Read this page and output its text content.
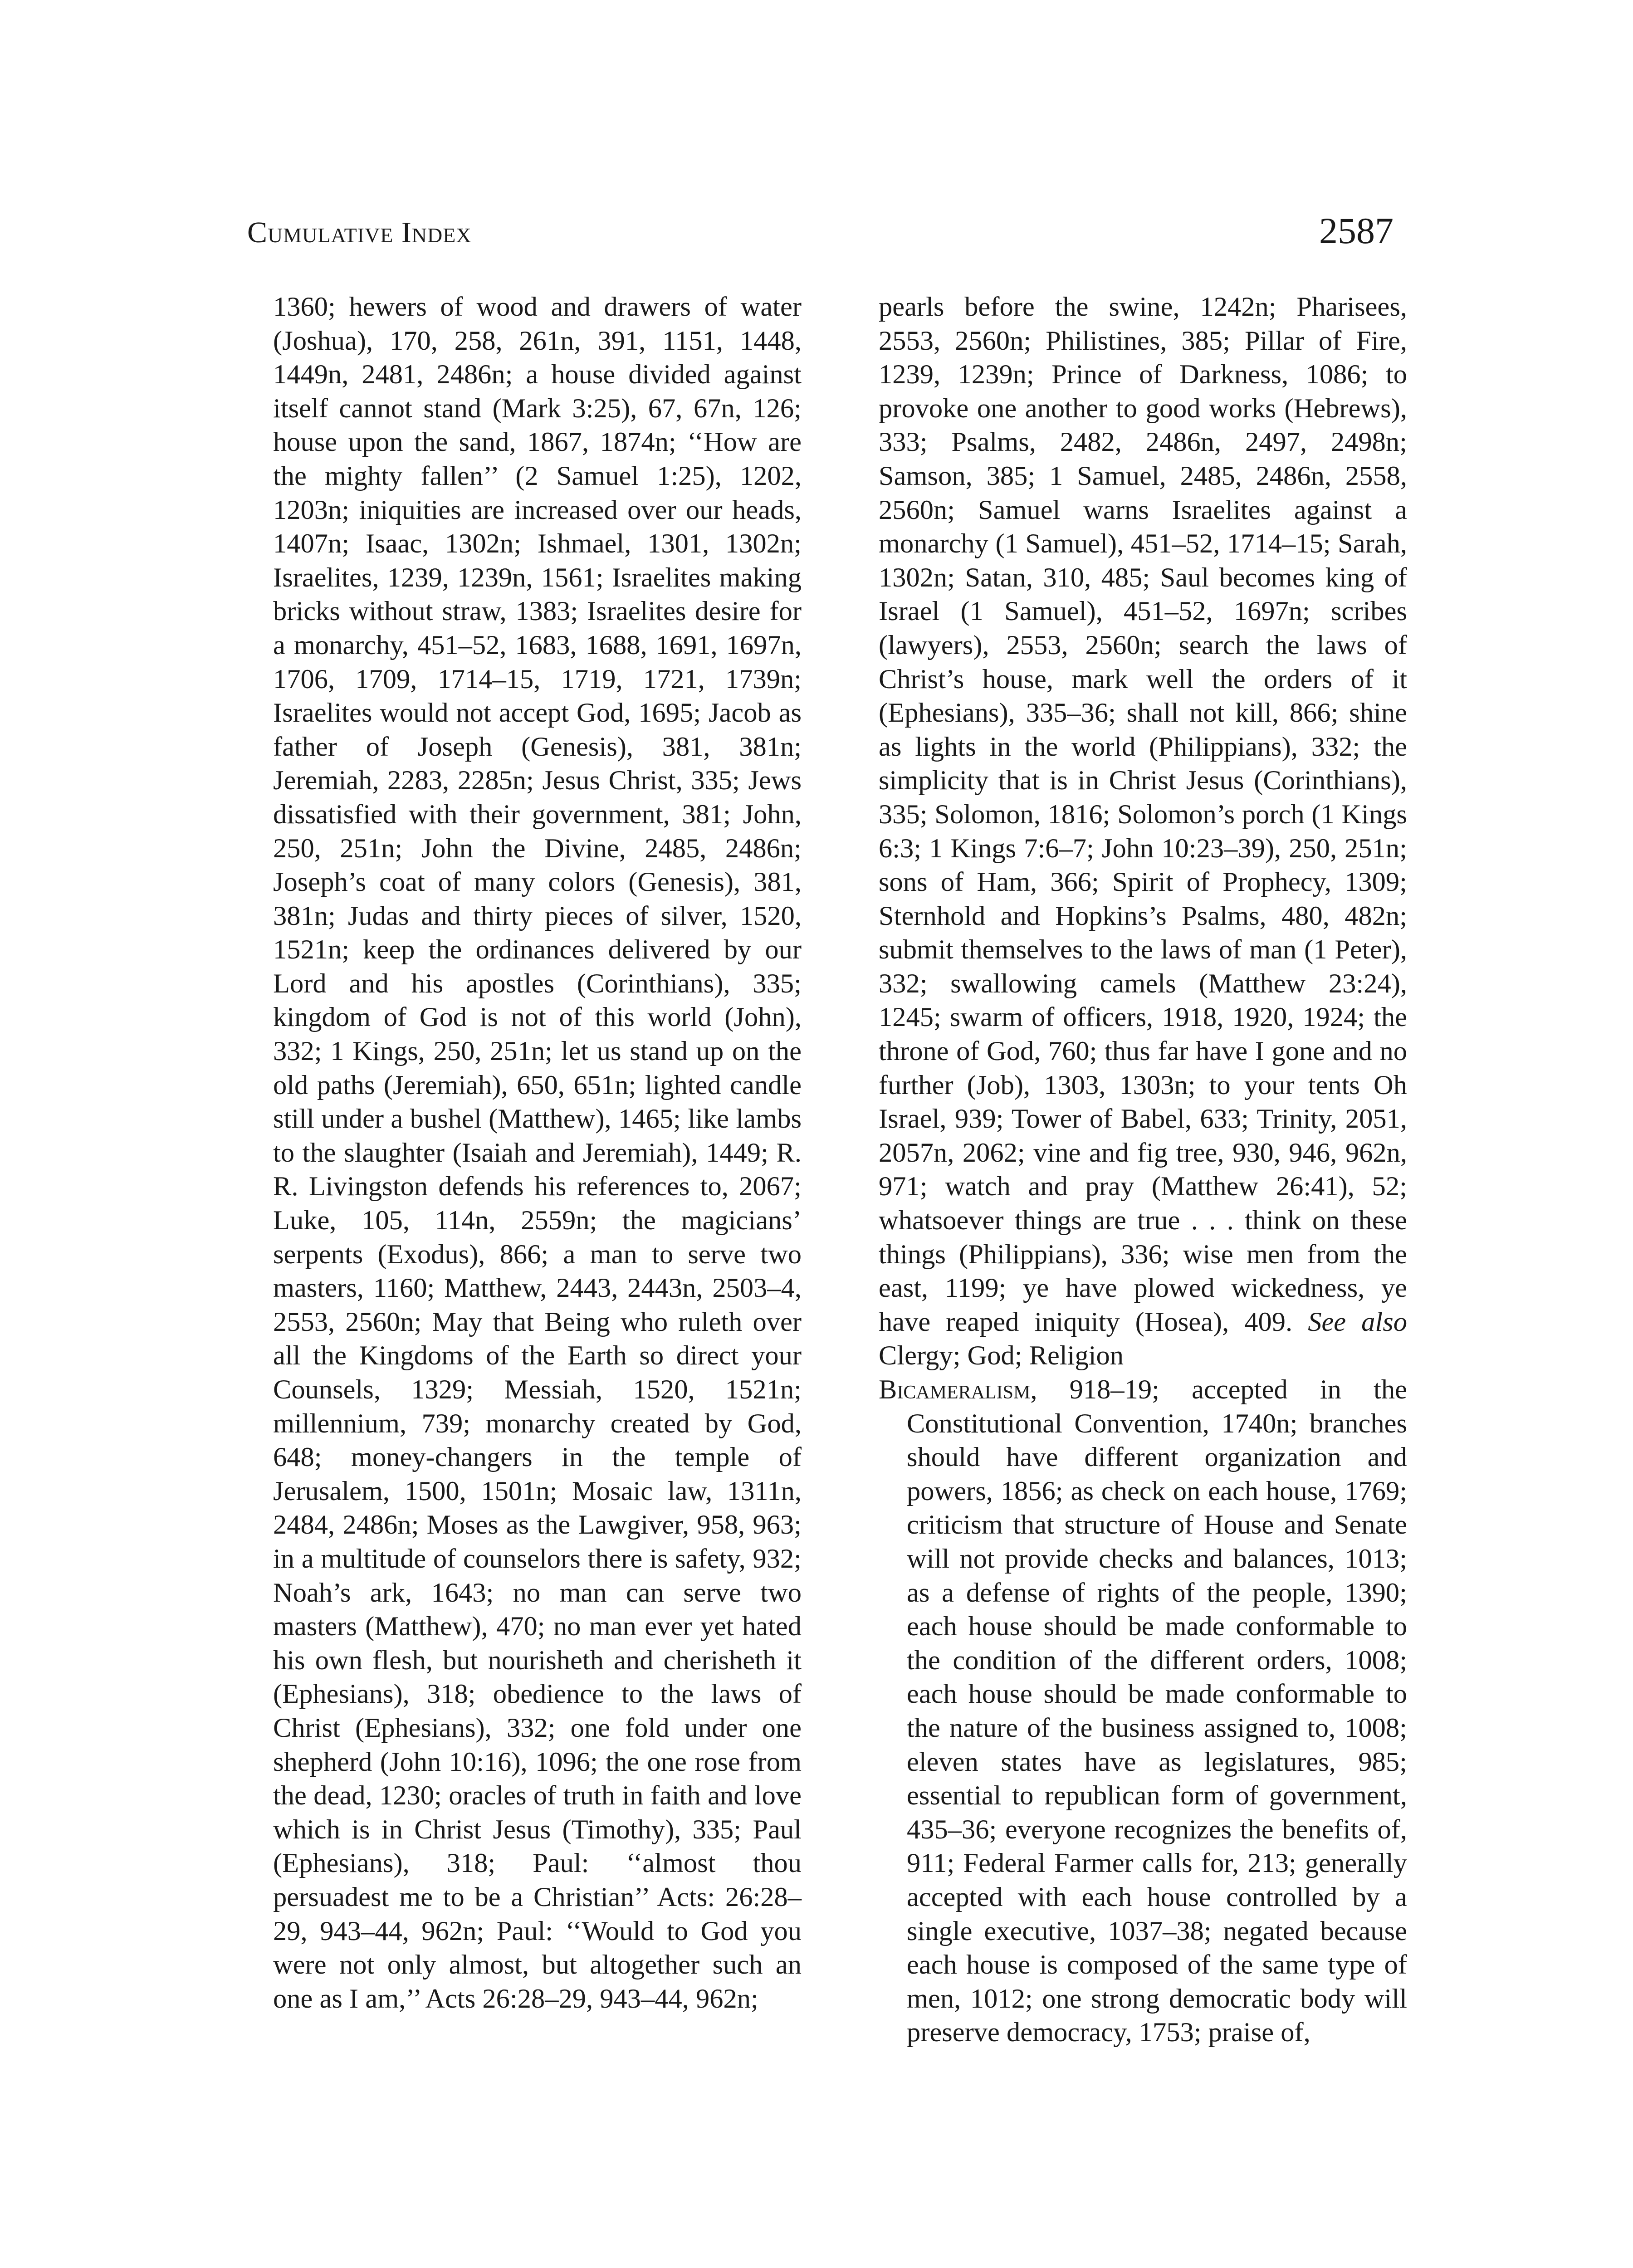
Cumulative Index	2587

1360; hewers of wood and drawers of water (Joshua), 170, 258, 261n, 391, 1151, 1448, 1449n, 2481, 2486n; a house divided against itself cannot stand (Mark 3:25), 67, 67n, 126; house upon the sand, 1867, 1874n; ‘‘How are the mighty fallen’’ (2 Samuel 1:25), 1202, 1203n; iniquities are increased over our heads, 1407n; Isaac, 1302n; Ishmael, 1301, 1302n; Israelites, 1239, 1239n, 1561; Israelites making bricks without straw, 1383; Israelites desire for a monarchy, 451–52, 1683, 1688, 1691, 1697n, 1706, 1709, 1714–15, 1719, 1721, 1739n; Israelites would not accept God, 1695; Jacob as father of Joseph (Genesis), 381, 381n; Jeremiah, 2283, 2285n; Jesus Christ, 335; Jews dissatisfied with their government, 381; John, 250, 251n; John the Divine, 2485, 2486n; Joseph’s coat of many colors (Genesis), 381, 381n; Judas and thirty pieces of silver, 1520, 1521n; keep the ordinances delivered by our Lord and his apostles (Corinthians), 335; kingdom of God is not of this world (John), 332; 1 Kings, 250, 251n; let us stand up on the old paths (Jeremiah), 650, 651n; lighted candle still under a bushel (Matthew), 1465; like lambs to the slaughter (Isaiah and Jeremiah), 1449; R. R. Livingston defends his references to, 2067; Luke, 105, 114n, 2559n; the magicians’ serpents (Exodus), 866; a man to serve two masters, 1160; Matthew, 2443, 2443n, 2503–4, 2553, 2560n; May that Being who ruleth over all the Kingdoms of the Earth so direct your Counsels, 1329; Messiah, 1520, 1521n; millennium, 739; monarchy created by God, 648; money-changers in the temple of Jerusalem, 1500, 1501n; Mosaic law, 1311n, 2484, 2486n; Moses as the Lawgiver, 958, 963; in a multitude of counselors there is safety, 932; Noah’s ark, 1643; no man can serve two masters (Matthew), 470; no man ever yet hated his own flesh, but nourisheth and cherisheth it (Ephesians), 318; obedience to the laws of Christ (Ephesians), 332; one fold under one shepherd (John 10:16), 1096; the one rose from the dead, 1230; oracles of truth in faith and love which is in Christ Jesus (Timothy), 335; Paul (Ephesians), 318; Paul: ‘‘almost thou persuadest me to be a Christian’’ Acts: 26:28–29, 943–44, 962n; Paul: ‘‘Would to God you were not only almost, but altogether such an one as I am,’’ Acts 26:28–29, 943–44, 962n;

pearls before the swine, 1242n; Pharisees, 2553, 2560n; Philistines, 385; Pillar of Fire, 1239, 1239n; Prince of Darkness, 1086; to provoke one another to good works (Hebrews), 333; Psalms, 2482, 2486n, 2497, 2498n; Samson, 385; 1 Samuel, 2485, 2486n, 2558, 2560n; Samuel warns Israelites against a monarchy (1 Samuel), 451–52, 1714–15; Sarah, 1302n; Satan, 310, 485; Saul becomes king of Israel (1 Samuel), 451–52, 1697n; scribes (lawyers), 2553, 2560n; search the laws of Christ’s house, mark well the orders of it (Ephesians), 335–36; shall not kill, 866; shine as lights in the world (Philippians), 332; the simplicity that is in Christ Jesus (Corinthians), 335; Solomon, 1816; Solomon’s porch (1 Kings 6:3; 1 Kings 7:6–7; John 10:23–39), 250, 251n; sons of Ham, 366; Spirit of Prophecy, 1309; Sternhold and Hopkins’s Psalms, 480, 482n; submit themselves to the laws of man (1 Peter), 332; swallowing camels (Matthew 23:24), 1245; swarm of officers, 1918, 1920, 1924; the throne of God, 760; thus far have I gone and no further (Job), 1303, 1303n; to your tents Oh Israel, 939; Tower of Babel, 633; Trinity, 2051, 2057n, 2062; vine and fig tree, 930, 946, 962n, 971; watch and pray (Matthew 26:41), 52; whatsoever things are true . . . think on these things (Philippians), 336; wise men from the east, 1199; ye have plowed wickedness, ye have reaped iniquity (Hosea), 409. See also Clergy; God; Religion

Bicameralism, 918–19; accepted in the Constitutional Convention, 1740n; branches should have different organization and powers, 1856; as check on each house, 1769; criticism that structure of House and Senate will not provide checks and balances, 1013; as a defense of rights of the people, 1390; each house should be made conformable to the condition of the different orders, 1008; each house should be made conformable to the nature of the business assigned to, 1008; eleven states have as legislatures, 985; essential to republican form of government, 435–36; everyone recognizes the benefits of, 911; Federal Farmer calls for, 213; generally accepted with each house controlled by a single executive, 1037–38; negated because each house is composed of the same type of men, 1012; one strong democratic body will preserve democracy, 1753; praise of,
